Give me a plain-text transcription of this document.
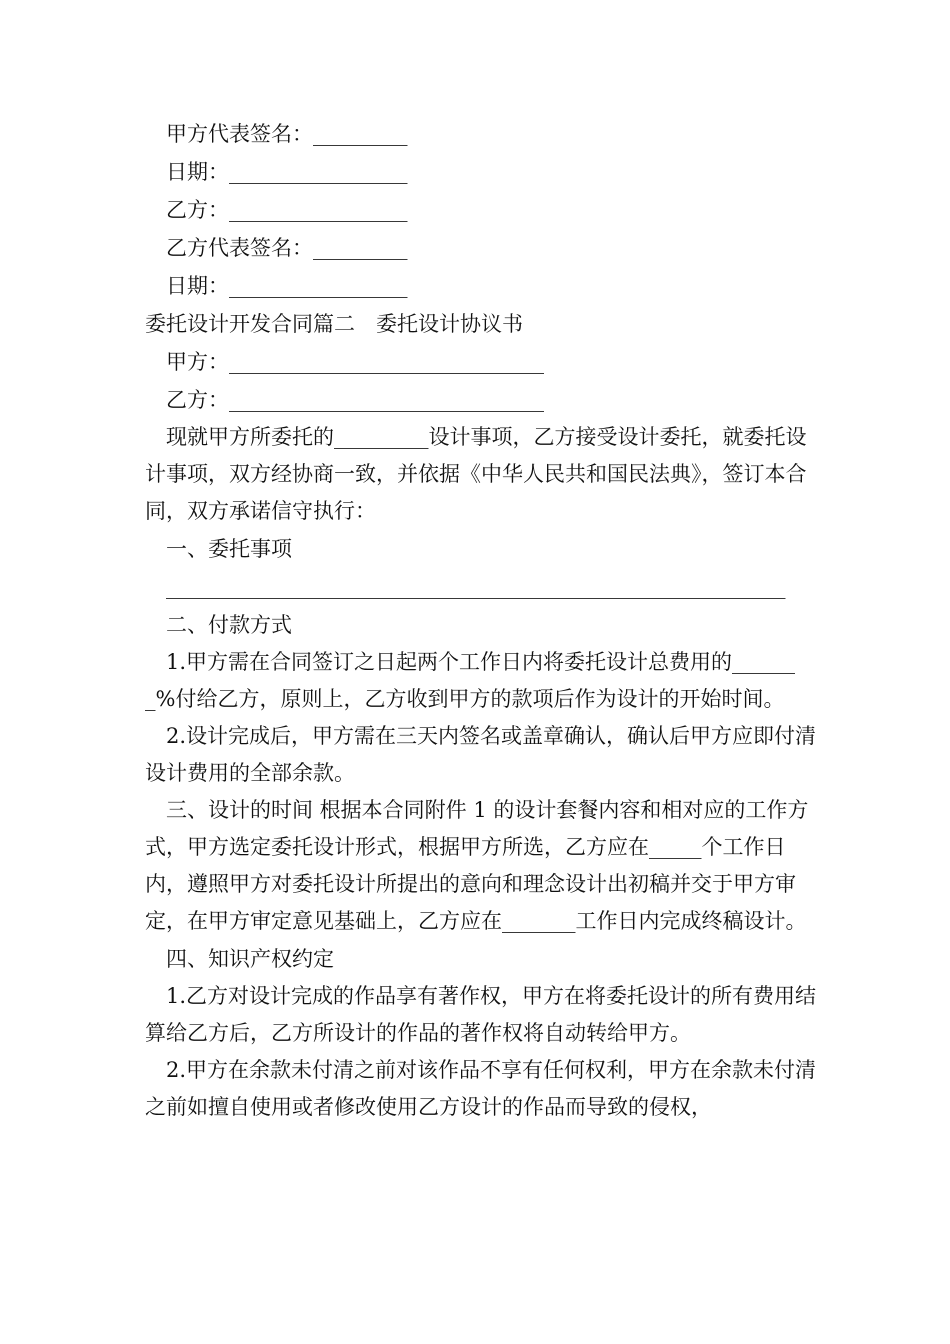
甲方代表签名：_________

日期：_________________

乙方：_________________

乙方代表签名：_________

日期：_________________

委托设计开发合同篇二　委托设计协议书

甲方：______________________________

乙方：______________________________

现就甲方所委托的_________设计事项，乙方接受设计委托，就委托设计事项，双方经协商一致，并依据《中华人民共和国民法典》，签订本合同，双方承诺信守执行：

一、委托事项

___________________________________________________________

二、付款方式

1.甲方需在合同签订之日起两个工作日内将委托设计总费用的_______%付给乙方，原则上，乙方收到甲方的款项后作为设计的开始时间。

2.设计完成后，甲方需在三天内签名或盖章确认，确认后甲方应即付清设计费用的全部余款。

三、设计的时间 根据本合同附件 1 的设计套餐内容和相对应的工作方式，甲方选定委托设计形式，根据甲方所选，乙方应在_____个工作日内，遵照甲方对委托设计所提出的意向和理念设计出初稿并交于甲方审定，在甲方审定意见基础上，乙方应在_______工作日内完成终稿设计。

四、知识产权约定

1.乙方对设计完成的作品享有著作权，甲方在将委托设计的所有费用结算给乙方后，乙方所设计的作品的著作权将自动转给甲方。

2.甲方在余款未付清之前对该作品不享有任何权利，甲方在余款未付清之前如擅自使用或者修改使用乙方设计的作品而导致的侵权，
